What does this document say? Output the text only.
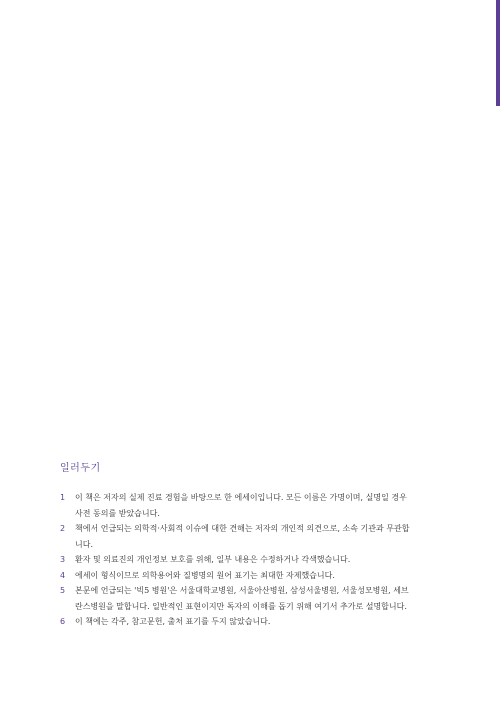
일러두기
1 이 책은 저자의 실제 진료 경험을 바탕으로 한 에세이입니다. 모든 이름은 가명이며, 실명일 경우 사전 동의를 받았습니다.
2 책에서 언급되는 의학적·사회적 이슈에 대한 견해는 저자의 개인적 의견으로, 소속 기관과 무관합니다.
3 환자 및 의료진의 개인정보 보호를 위해, 일부 내용은 수정하거나 각색했습니다.
4 에세이 형식이므로 의학용어와 질병명의 원어 표기는 최대한 자제했습니다.
5 본문에 언급되는 '빅5 병원'은 서울대학교병원, 서울아산병원, 삼성서울병원, 서울성모병원, 세브란스병원을 말합니다. 일반적인 표현이지만 독자의 이해를 돕기 위해 여기서 추가로 설명합니다.
6 이 책에는 각주, 참고문헌, 출처 표기를 두지 않았습니다.
